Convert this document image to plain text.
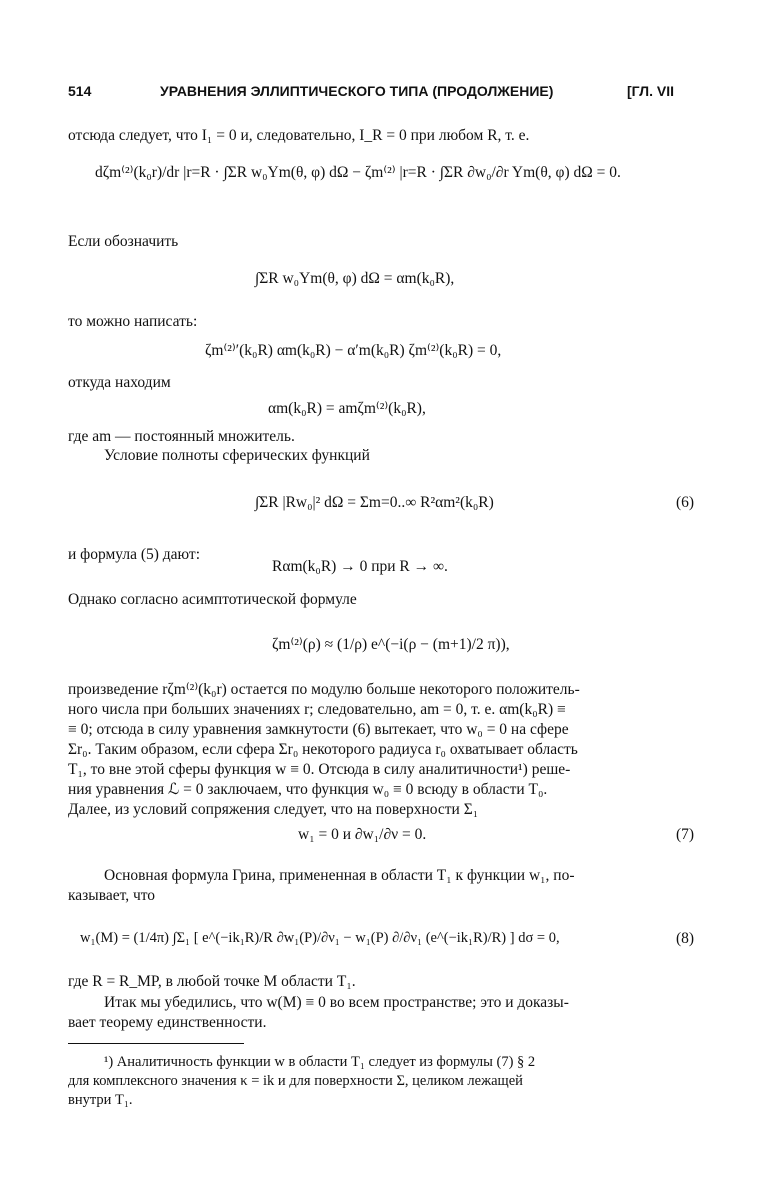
514	УРАВНЕНИЯ ЭЛЛИПТИЧЕСКОГО ТИПА (ПРОДОЛЖЕНИЕ)	[ГЛ. VII
отсюда следует, что I₁ = 0 и, следовательно, I_R = 0 при любом R, т. е.
dζm⁽²⁾(k₀r)/dr |r=R · ∫ΣR w₀Ym(θ, φ) dΩ − ζm⁽²⁾ |r=R · ∫ΣR ∂w₀/∂r Ym(θ, φ) dΩ = 0.
Если обозначить
∫ΣR w₀Ym(θ, φ) dΩ = αm(k₀R),
то можно написать:
ζm⁽²⁾′(k₀R) αm(k₀R) − α′m(k₀R) ζm⁽²⁾(k₀R) = 0,
откуда находим
αm(k₀R) = amζm⁽²⁾(k₀R),
где am — постоянный множитель.
Условие полноты сферических функций
∫ΣR |Rw₀|² dΩ = Σm=0..∞ R²αm²(k₀R)	(6)
и формула (5) дают:
Rαm(k₀R) → 0 при R → ∞.
Однако согласно асимптотической формуле
ζm⁽²⁾(ρ) ≈ (1/ρ) e^(−i(ρ − (m+1)/2 π)),
произведение rζm⁽²⁾(k₀r) остается по модулю больше некоторого положитель-
ного числа при больших значениях r; следовательно, am = 0, т. е. αm(k₀R) ≡
≡ 0; отсюда в силу уравнения замкнутости (6) вытекает, что w₀ = 0 на сфере
Σr₀. Таким образом, если сфера Σr₀ некоторого радиуса r₀ охватывает область
T₁, то вне этой сферы функция w ≡ 0. Отсюда в силу аналитичности¹) реше-
ния уравнения ℒ = 0 заключаем, что функция w₀ ≡ 0 всюду в области T₀.
Далее, из условий сопряжения следует, что на поверхности Σ₁
w₁ = 0 и ∂w₁/∂ν = 0.	(7)
Основная формула Грина, примененная в области T₁ к функции w₁, по-
казывает, что
w₁(M) = (1/4π) ∫Σ₁ [ e^(−ik₁R)/R ∂w₁(P)/∂ν₁ − w₁(P) ∂/∂ν₁ (e^(−ik₁R)/R) ] dσ = 0,	(8)
где R = R_MP, в любой точке M области T₁.
Итак мы убедились, что w(M) ≡ 0 во всем пространстве; это и доказы-
вает теорему единственности.
¹) Аналитичность функции w в области T₁ следует из формулы (7) § 2
для комплексного значения κ = ik и для поверхности Σ, целиком лежащей
внутри T₁.
